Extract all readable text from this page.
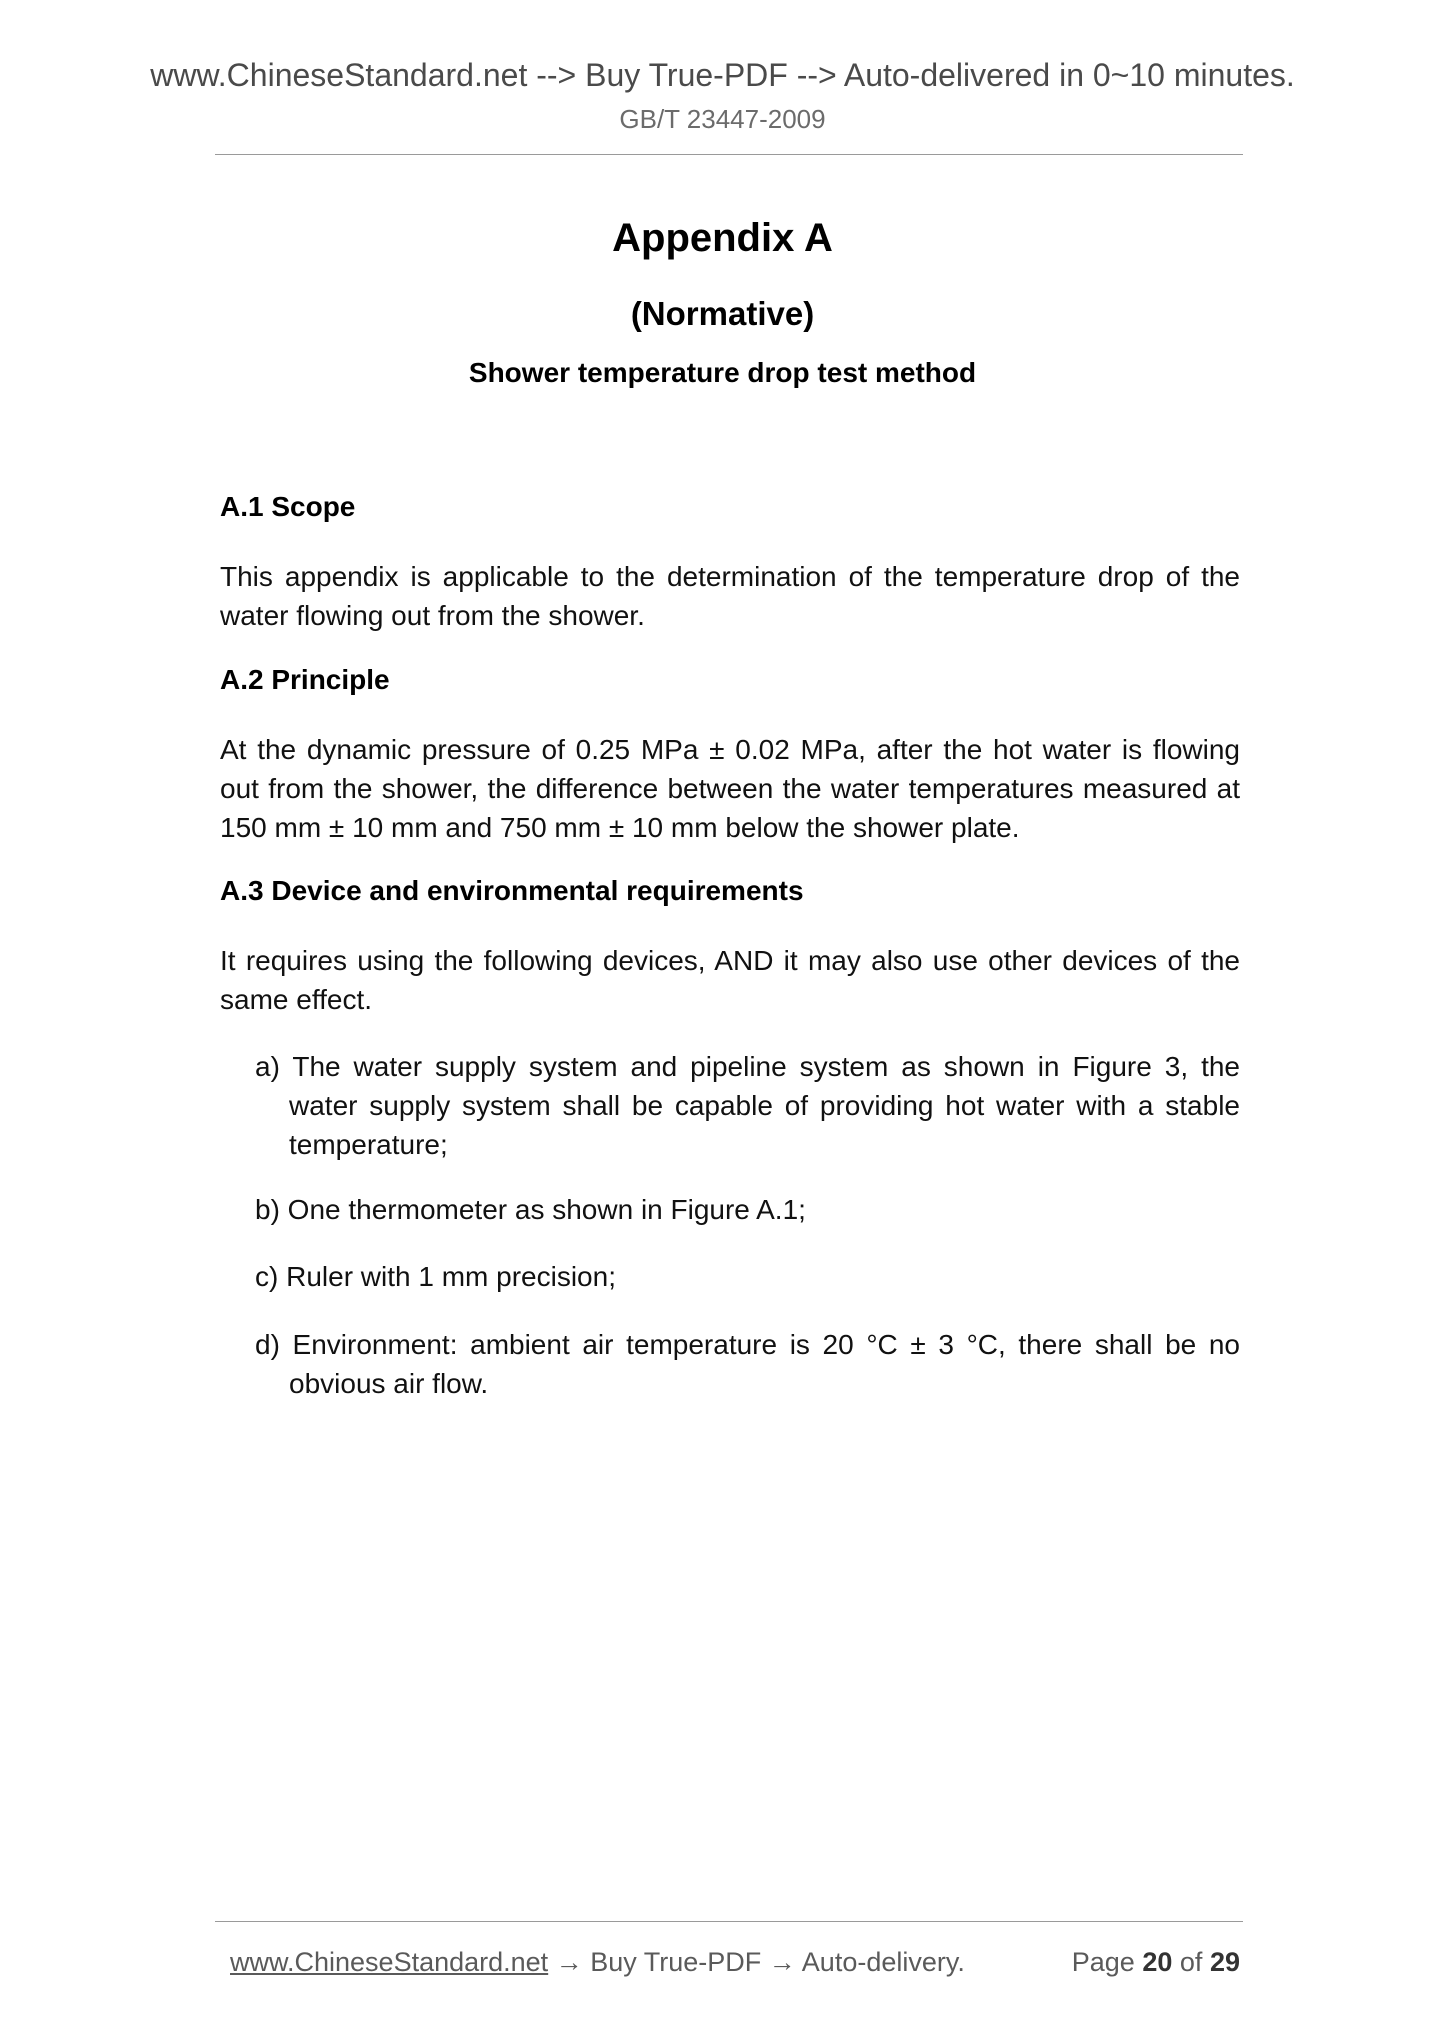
www.ChineseStandard.net --> Buy True-PDF --> Auto-delivered in 0~10 minutes.
GB/T 23447-2009
Appendix A
(Normative)
Shower temperature drop test method
A.1 Scope
This appendix is applicable to the determination of the temperature drop of the water flowing out from the shower.
A.2 Principle
At the dynamic pressure of 0.25 MPa ± 0.02 MPa, after the hot water is flowing out from the shower, the difference between the water temperatures measured at 150 mm ± 10 mm and 750 mm ± 10 mm below the shower plate.
A.3 Device and environmental requirements
It requires using the following devices, AND it may also use other devices of the same effect.
a) The water supply system and pipeline system as shown in Figure 3, the water supply system shall be capable of providing hot water with a stable temperature;
b) One thermometer as shown in Figure A.1;
c) Ruler with 1 mm precision;
d) Environment: ambient air temperature is 20 °C ± 3 °C, there shall be no obvious air flow.
www.ChineseStandard.net → Buy True-PDF → Auto-delivery.	Page 20 of 29
